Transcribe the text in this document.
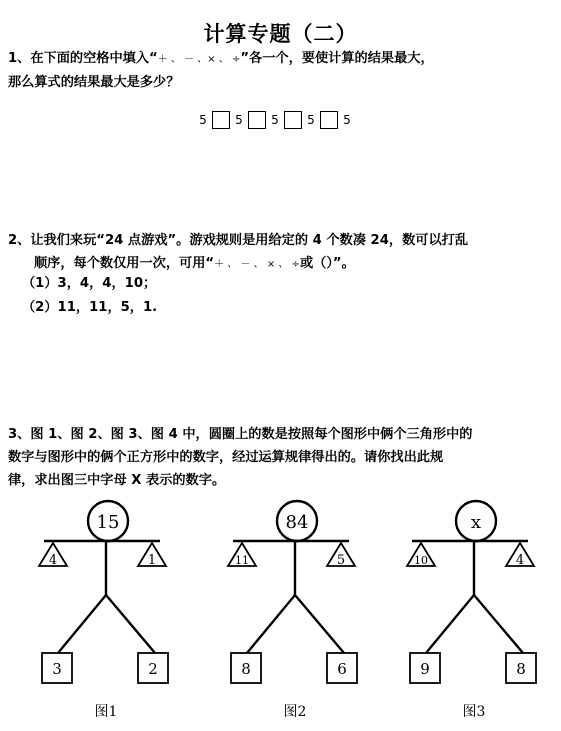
计算专题（二）
1、在下面的空格中填入“＋ 、 － 、× 、 ÷”各一个，要使计算的结果最大，
那么算式的结果最大是多少？
5 5 5 5 5
2、让我们来玩“24 点游戏”。游戏规则是用给定的 4 个数凑 24，数可以打乱
顺序，每个数仅用一次，可用“＋ 、 － 、 × 、 ÷或（）”。
（1）3，4，4，10；
（2）11，11，5，1.
3、图 1、图 2、图 3、图 4 中，圆圈上的数是按照每个图形中俩个三角形中的
数字与图形中的俩个正方形中的数字，经过运算规律得出的。请你找出此规
律，求出图三中字母 X 表示的数字。
15
4	1
3	2
图1
84
11	5
8	6
图2
x
10	4
9	8
图3
